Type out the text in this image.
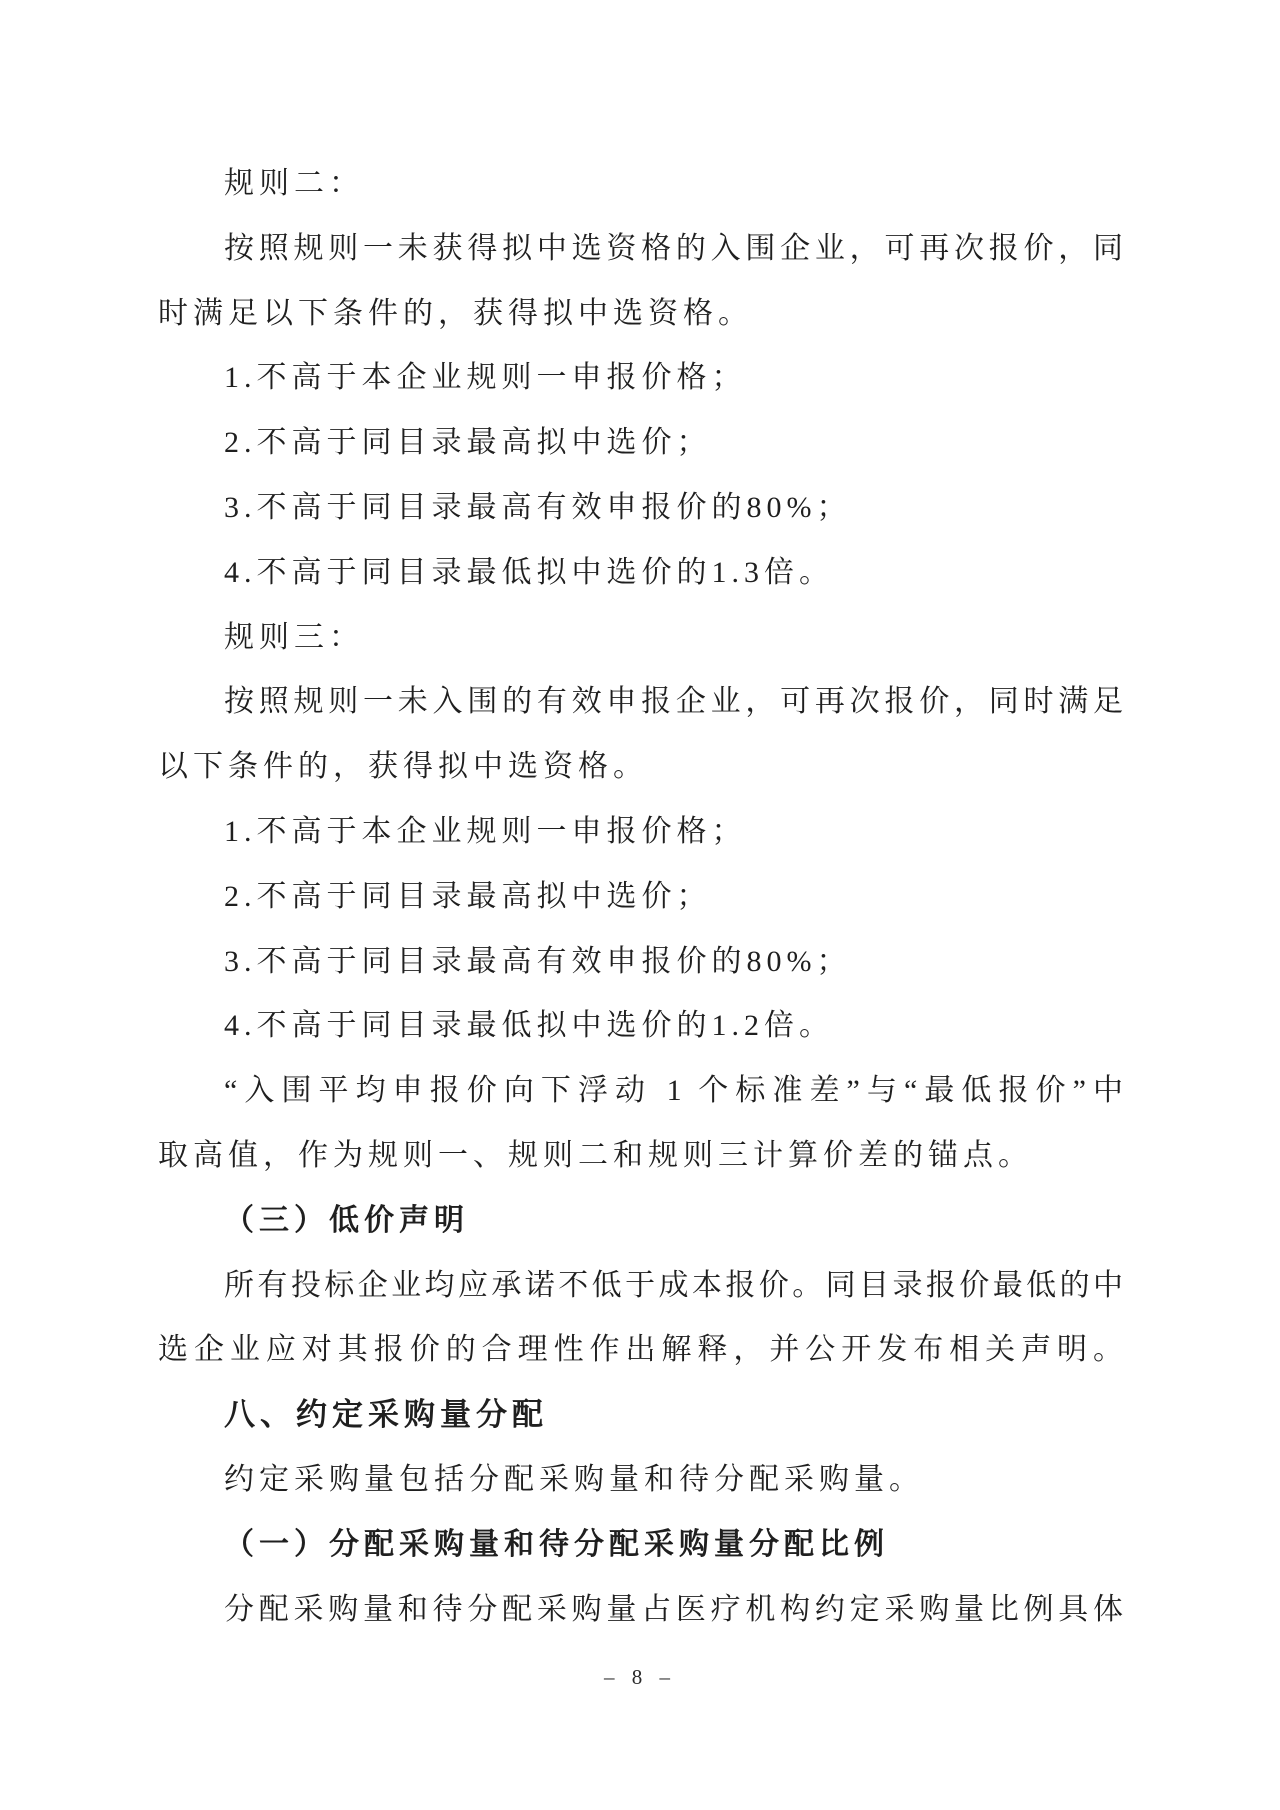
规则二：
按照规则一未获得拟中选资格的入围企业，可再次报价，同
时满足以下条件的，获得拟中选资格。
1.不高于本企业规则一申报价格；
2.不高于同目录最高拟中选价；
3.不高于同目录最高有效申报价的80%；
4.不高于同目录最低拟中选价的1.3倍。
规则三：
按照规则一未入围的有效申报企业，可再次报价，同时满足
以下条件的，获得拟中选资格。
1.不高于本企业规则一申报价格；
2.不高于同目录最高拟中选价；
3.不高于同目录最高有效申报价的80%；
4.不高于同目录最低拟中选价的1.2倍。
“入围平均申报价向下浮动 1 个标准差”与“最低报价”中
取高值，作为规则一、规则二和规则三计算价差的锚点。
（三）低价声明
所有投标企业均应承诺不低于成本报价。同目录报价最低的中
选企业应对其报价的合理性作出解释，并公开发布相关声明。
八、约定采购量分配
约定采购量包括分配采购量和待分配采购量。
（一）分配采购量和待分配采购量分配比例
分配采购量和待分配采购量占医疗机构约定采购量比例具体
– 8 –
